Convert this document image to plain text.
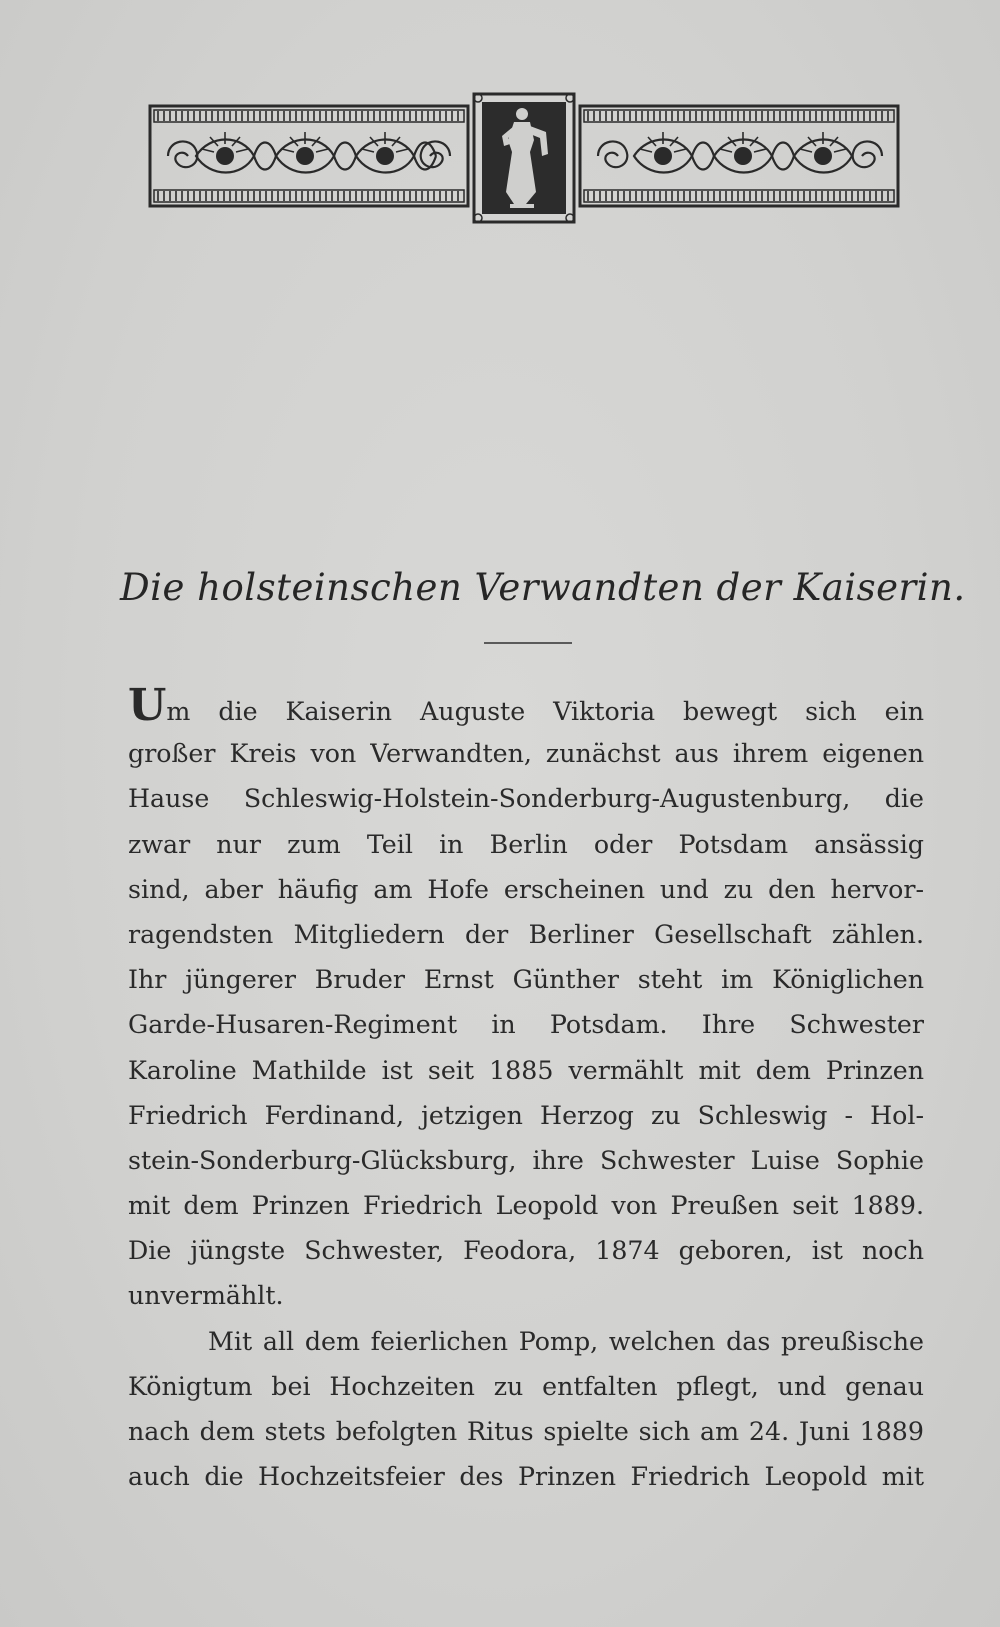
Die holsteinschen Verwandten der Kaiserin.
Um die Kaiserin Auguste Viktoria bewegt sich ein
großer Kreis von Verwandten, zunächst aus ihrem eigenen
Hause Schleswig-Holstein-Sonderburg-Augustenburg, die
zwar nur zum Teil in Berlin oder Potsdam ansässig
sind, aber häufig am Hofe erscheinen und zu den hervor-
ragendsten Mitgliedern der Berliner Gesellschaft zählen.
Ihr jüngerer Bruder Ernst Günther steht im Königlichen
Garde-Husaren-Regiment in Potsdam. Ihre Schwester
Karoline Mathilde ist seit 1885 vermählt mit dem Prinzen
Friedrich Ferdinand, jetzigen Herzog zu Schleswig - Hol-
stein-Sonderburg-Glücksburg, ihre Schwester Luise Sophie
mit dem Prinzen Friedrich Leopold von Preußen seit 1889.
Die jüngste Schwester, Feodora, 1874 geboren, ist noch
unvermählt.
Mit all dem feierlichen Pomp, welchen das preußische
Königtum bei Hochzeiten zu entfalten pflegt, und genau
nach dem stets befolgten Ritus spielte sich am 24. Juni 1889
auch die Hochzeitsfeier des Prinzen Friedrich Leopold mit
